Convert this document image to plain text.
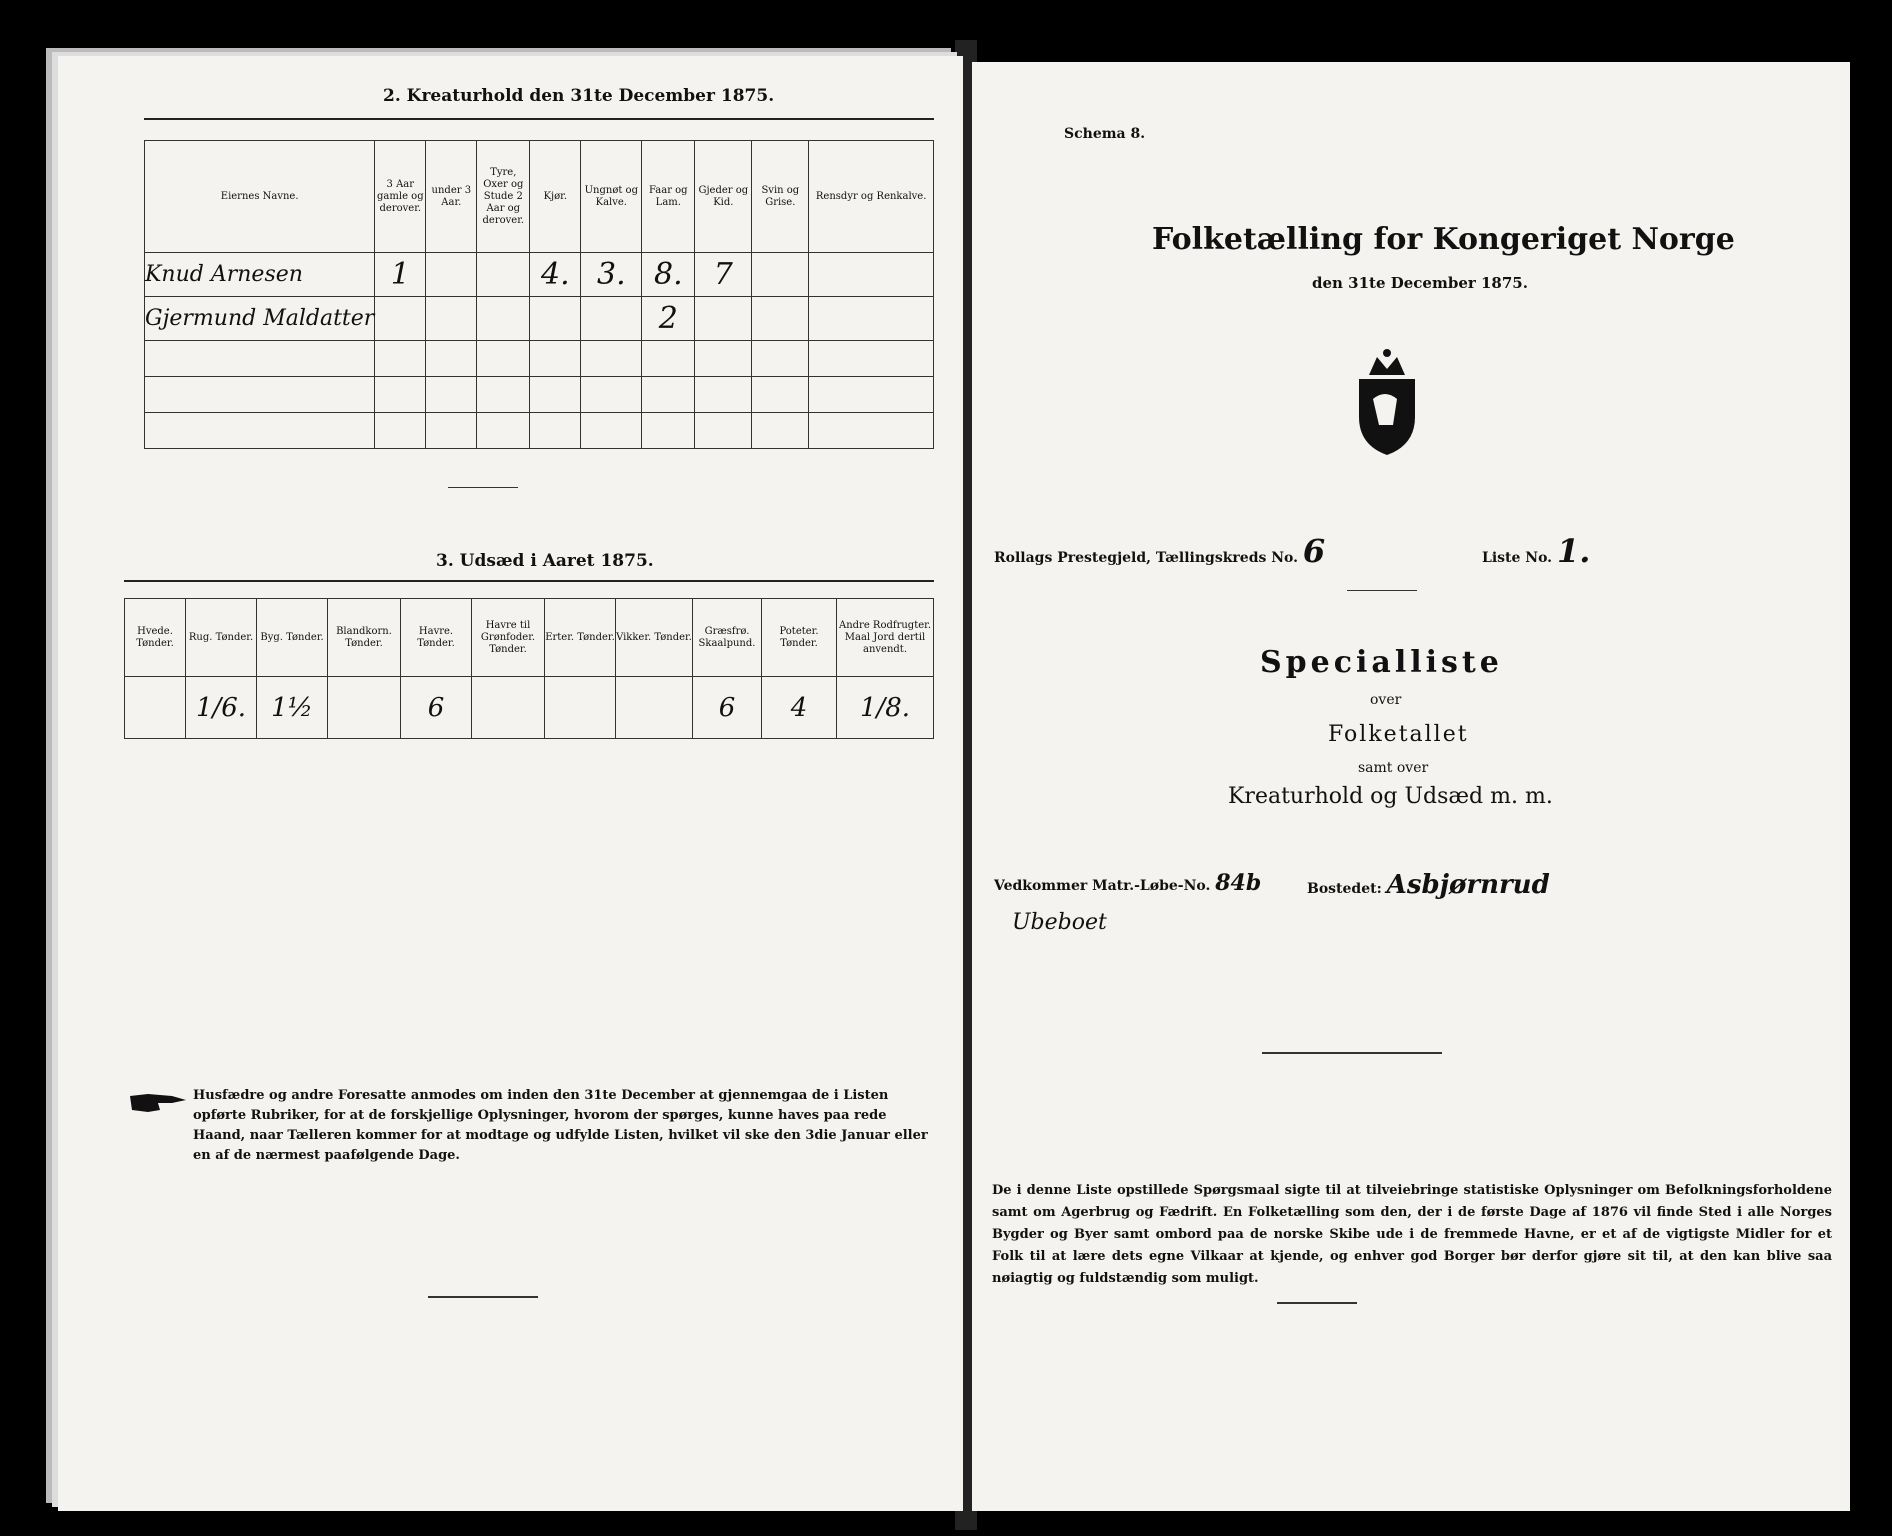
2. Kreaturhold den 31te December 1875.
Eiernes Navne.	3 Aar gamle og derover.	under 3 Aar.	Tyre, Oxer og Stude 2 Aar og derover.	Kjør.	Ungnøt og Kalve.	Faar og Lam.	Gjeder og Kid.	Svin og Grise.	Rensdyr og Renkalve.
Knud Arnesen	1			4.	3.	8.	7		
Gjermund Maldatter						2			

3. Udsæd i Aaret 1875.
Hvede. Tønder.	Rug. Tønder.	Byg. Tønder.	Blandkorn. Tønder.	Havre. Tønder.	Havre til Grønfoder. Tønder.	Erter. Tønder.	Vikker. Tønder.	Græsfrø. Skaalpund.	Poteter. Tønder.	Andre Rodfrugter. Maal Jord dertil anvendt.
	1/6.	1½		6				6	4	1/8.
Husfædre og andre Foresatte anmodes om inden den 31te December at gjennemgaa de i Listen opførte Rubriker, for at de forskjellige Oplysninger, hvorom der spørges, kunne haves paa rede Haand, naar Tælleren kommer for at modtage og udfylde Listen, hvilket vil ske den 3die Januar eller en af de nærmest paafølgende Dage.
Schema 8.
Folketælling for Kongeriget Norge
den 31te December 1875.
Rollags Prestegjeld, Tællingskreds No. 6	Liste No. 1.
Specialliste
over
Folketallet
samt over
Kreaturhold og Udsæd m. m.
Vedkommer Matr.-Løbe-No. 84b	Bostedet: Asbjørnrud
Ubeboet
De i denne Liste opstillede Spørgsmaal sigte til at tilveiebringe statistiske Oplysninger om Befolkningsforholdene samt om Agerbrug og Fædrift. En Folketælling som den, der i de første Dage af 1876 vil finde Sted i alle Norges Bygder og Byer samt ombord paa de norske Skibe ude i de fremmede Havne, er et af de vigtigste Midler for et Folk til at lære dets egne Vilkaar at kjende, og enhver god Borger bør derfor gjøre sit til, at den kan blive saa nøiagtig og fuldstændig som muligt.
